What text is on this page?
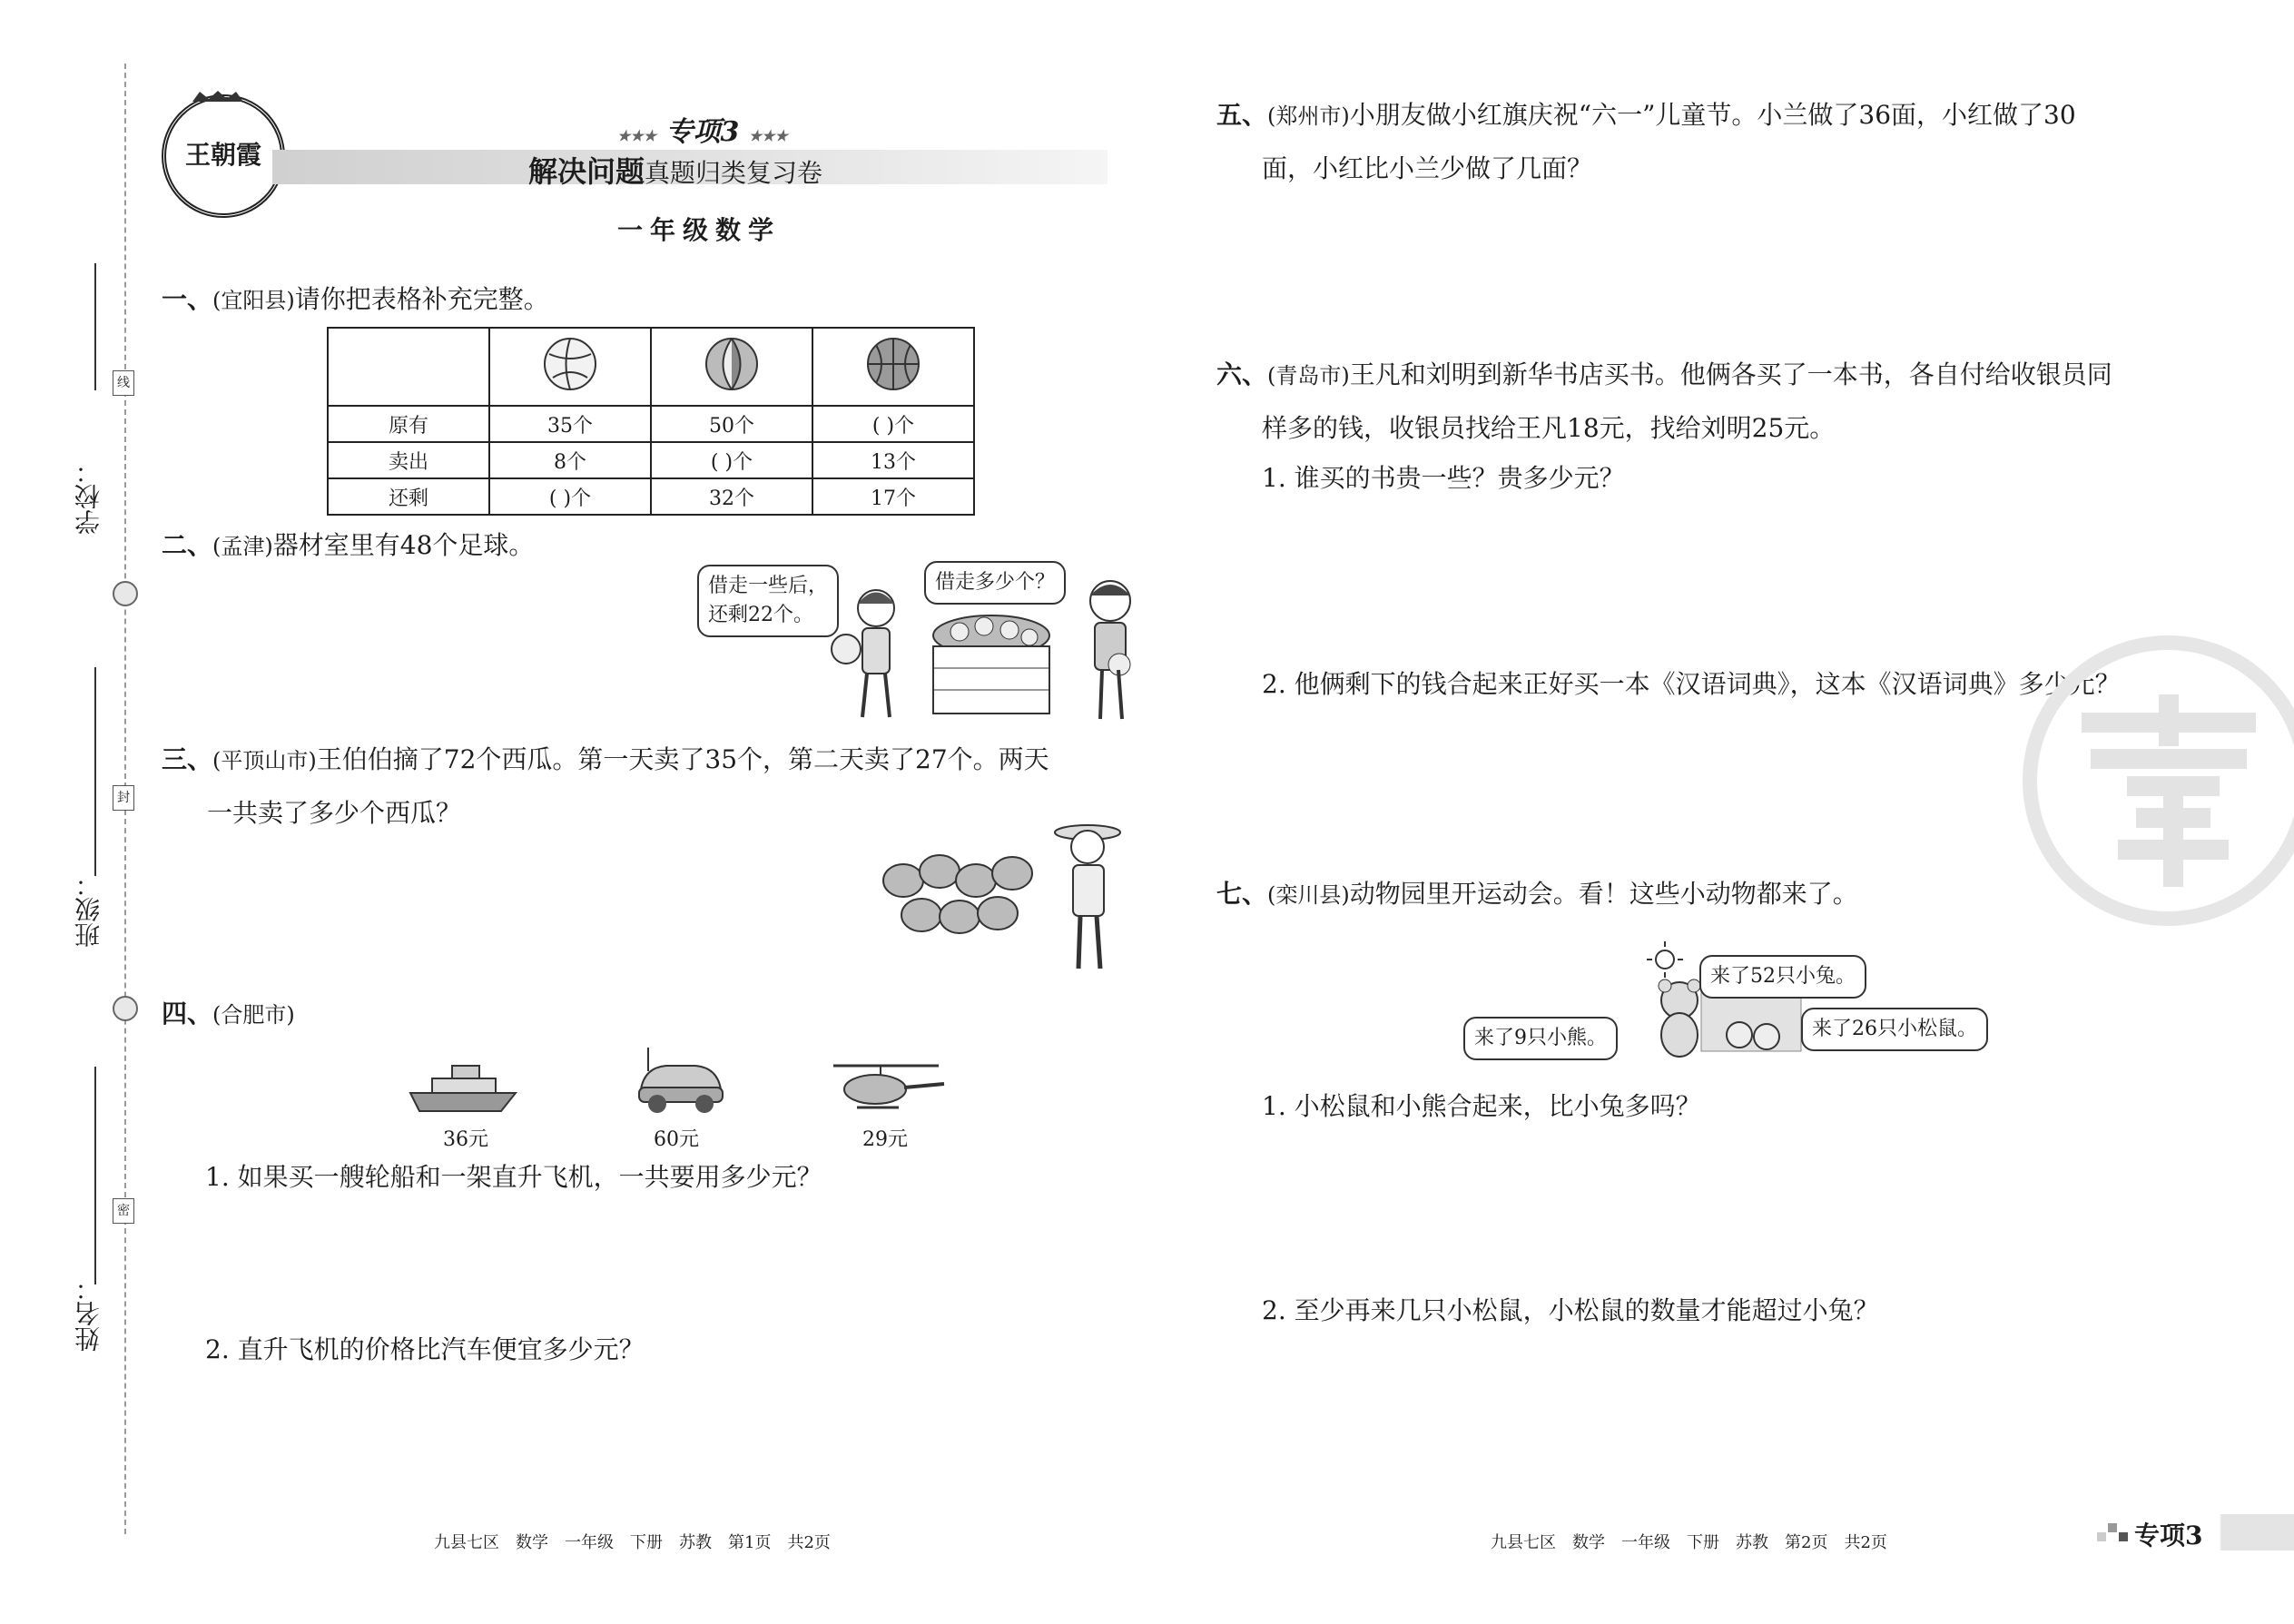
学校：
班级：
姓名：
线
封
密
王朝霞
★★★ 专项3 ★★★
解决问题真题归类复习卷
一年级数学
一、(宜阳县)请你把表格补充完整。

原有	35个	50个	( )个
卖出	8个	( )个	13个
还剩	( )个	32个	17个
二、(孟津)器材室里有48个足球。
借走一些后，
还剩22个。
借走多少个？
三、(平顶山市)王伯伯摘了72个西瓜。第一天卖了35个，第二天卖了27个。两天
一共卖了多少个西瓜？
四、(合肥市)
36元	60元	29元
1. 如果买一艘轮船和一架直升飞机，一共要用多少元？
2. 直升飞机的价格比汽车便宜多少元？
五、(郑州市)小朋友做小红旗庆祝“六一”儿童节。小兰做了36面，小红做了30
面，小红比小兰少做了几面？
六、(青岛市)王凡和刘明到新华书店买书。他俩各买了一本书，各自付给收银员同
样多的钱，收银员找给王凡18元，找给刘明25元。
1. 谁买的书贵一些？贵多少元？
2. 他俩剩下的钱合起来正好买一本《汉语词典》，这本《汉语词典》多少元？
七、(栾川县)动物园里开运动会。看！这些小动物都来了。
来了52只小兔。
来了9只小熊。	来了26只小松鼠。
1. 小松鼠和小熊合起来，比小兔多吗？
2. 至少再来几只小松鼠，小松鼠的数量才能超过小兔？
九县七区　数学　一年级　下册　苏教　第1页　共2页	九县七区　数学　一年级　下册　苏教　第2页　共2页	专项3
